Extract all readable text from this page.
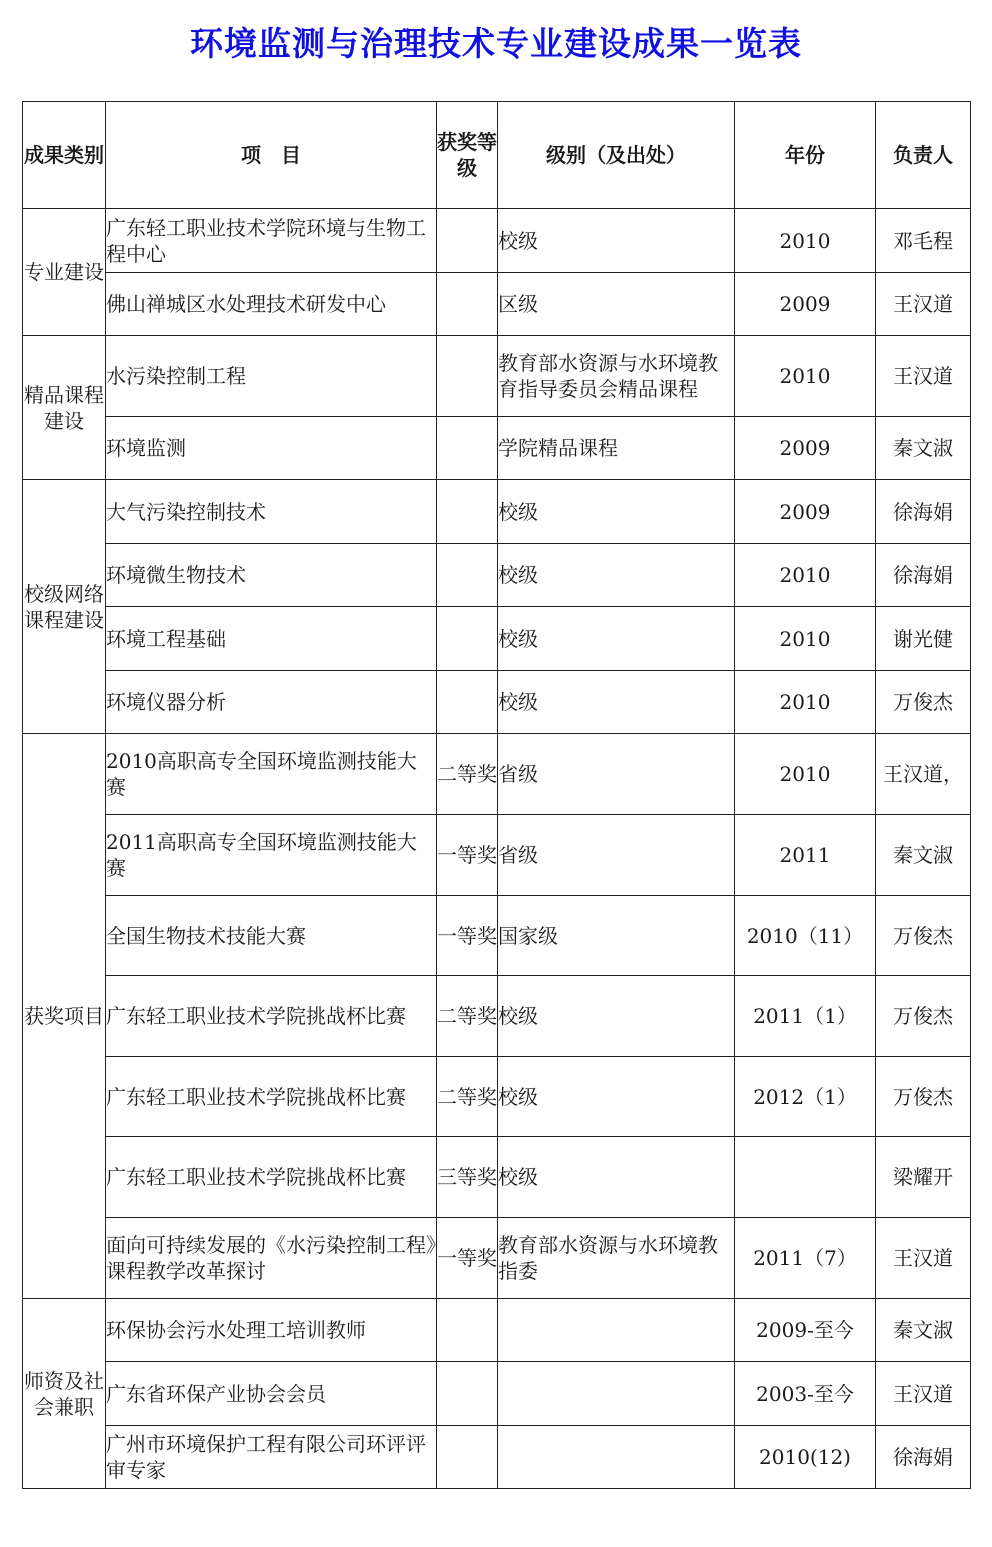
环境监测与治理技术专业建设成果一览表
成果类别	项　目	获奖等级	级别（及出处）	年份	负责人
专业建设	广东轻工职业技术学院环境与生物工程中心		校级	2010	邓毛程
	佛山禅城区水处理技术研发中心		区级	2009	王汉道
精品课程建设	水污染控制工程		教育部水资源与水环境教育指导委员会精品课程	2010	王汉道
	环境监测		学院精品课程	2009	秦文淑
校级网络课程建设	大气污染控制技术		校级	2009	徐海娟
	环境微生物技术		校级	2010	徐海娟
	环境工程基础		校级	2010	谢光健
	环境仪器分析		校级	2010	万俊杰
获奖项目	2010高职高专全国环境监测技能大赛	二等奖	省级	2010	王汉道，
	2011高职高专全国环境监测技能大赛	一等奖	省级	2011	秦文淑
	全国生物技术技能大赛	一等奖	国家级	2010（11）	万俊杰
	广东轻工职业技术学院挑战杯比赛	二等奖	校级	2011（1）	万俊杰
	广东轻工职业技术学院挑战杯比赛	二等奖	校级	2012（1）	万俊杰
	广东轻工职业技术学院挑战杯比赛	三等奖	校级		梁耀开
	面向可持续发展的《水污染控制工程》课程教学改革探讨	一等奖	教育部水资源与水环境教指委	2011（7）	王汉道
师资及社会兼职	环保协会污水处理工培训教师			2009-至今	秦文淑
	广东省环保产业协会会员			2003-至今	王汉道
	广州市环境保护工程有限公司环评评审专家			2010(12)	徐海娟
